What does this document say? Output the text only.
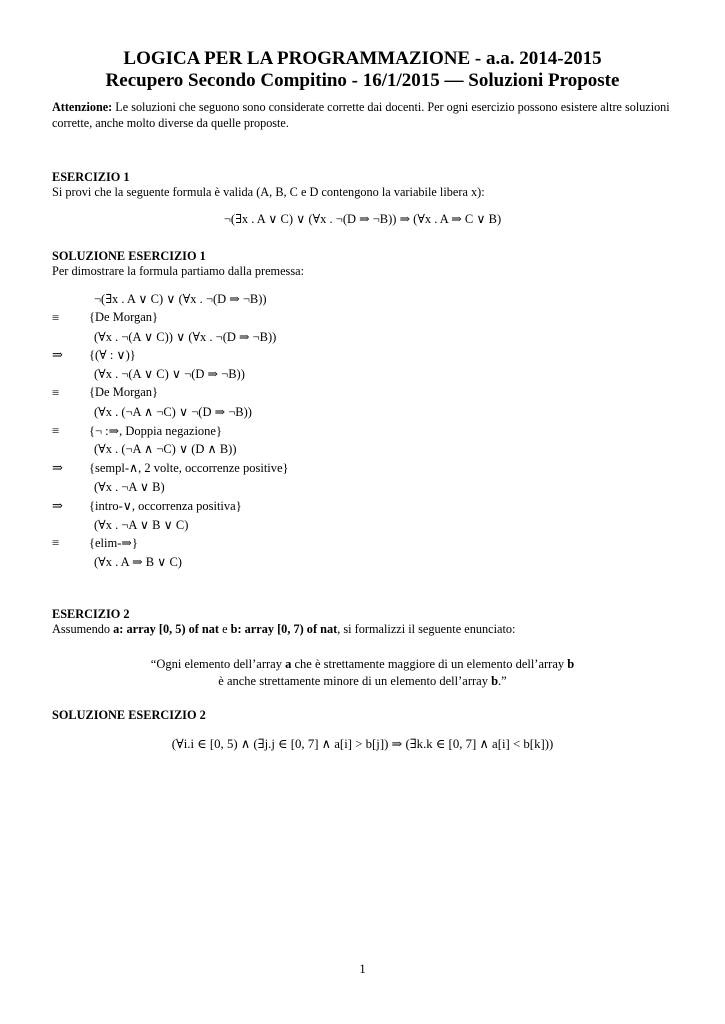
LOGICA PER LA PROGRAMMAZIONE - a.a. 2014-2015
Recupero Secondo Compitino - 16/1/2015 — Soluzioni Proposte
Attenzione: Le soluzioni che seguono sono considerate corrette dai docenti. Per ogni esercizio possono esistere altre soluzioni corrette, anche molto diverse da quelle proposte.
ESERCIZIO 1
Si provi che la seguente formula è valida (A, B, C e D contengono la variabile libera x):
¬(∃x . A ∨ C) ∨ (∀x . ¬(D ⇒ ¬B)) ⇒ (∀x . A ⇒ C ∨ B)
SOLUZIONE ESERCIZIO 1
Per dimostrare la formula partiamo dalla premessa:
¬(∃x . A ∨ C) ∨ (∀x . ¬(D ⇒ ¬B))
≡	{De Morgan}
(∀x . ¬(A ∨ C)) ∨ (∀x . ¬(D ⇒ ¬B))
⇒	{(∀ : ∨)}
(∀x . ¬(A ∨ C) ∨ ¬(D ⇒ ¬B))
≡	{De Morgan}
(∀x . (¬A ∧ ¬C) ∨ ¬(D ⇒ ¬B))
≡	{¬ :⇒, Doppia negazione}
(∀x . (¬A ∧ ¬C) ∨ (D ∧ B))
⇒	{sempl-∧, 2 volte, occorrenze positive}
(∀x . ¬A ∨ B)
⇒	{intro-∨, occorrenza positiva}
(∀x . ¬A ∨ B ∨ C)
≡	{elim-⇒}
(∀x . A ⇒ B ∨ C)
ESERCIZIO 2
Assumendo a: array [0, 5) of nat e b: array [0, 7) of nat, si formalizzi il seguente enunciato:
“Ogni elemento dell’array a che è strettamente maggiore di un elemento dell’array b
è anche strettamente minore di un elemento dell’array b.”
SOLUZIONE ESERCIZIO 2
(∀i.i ∈ [0, 5) ∧ (∃j.j ∈ [0, 7] ∧ a[i] > b[j]) ⇒ (∃k.k ∈ [0, 7] ∧ a[i] < b[k]))
1
